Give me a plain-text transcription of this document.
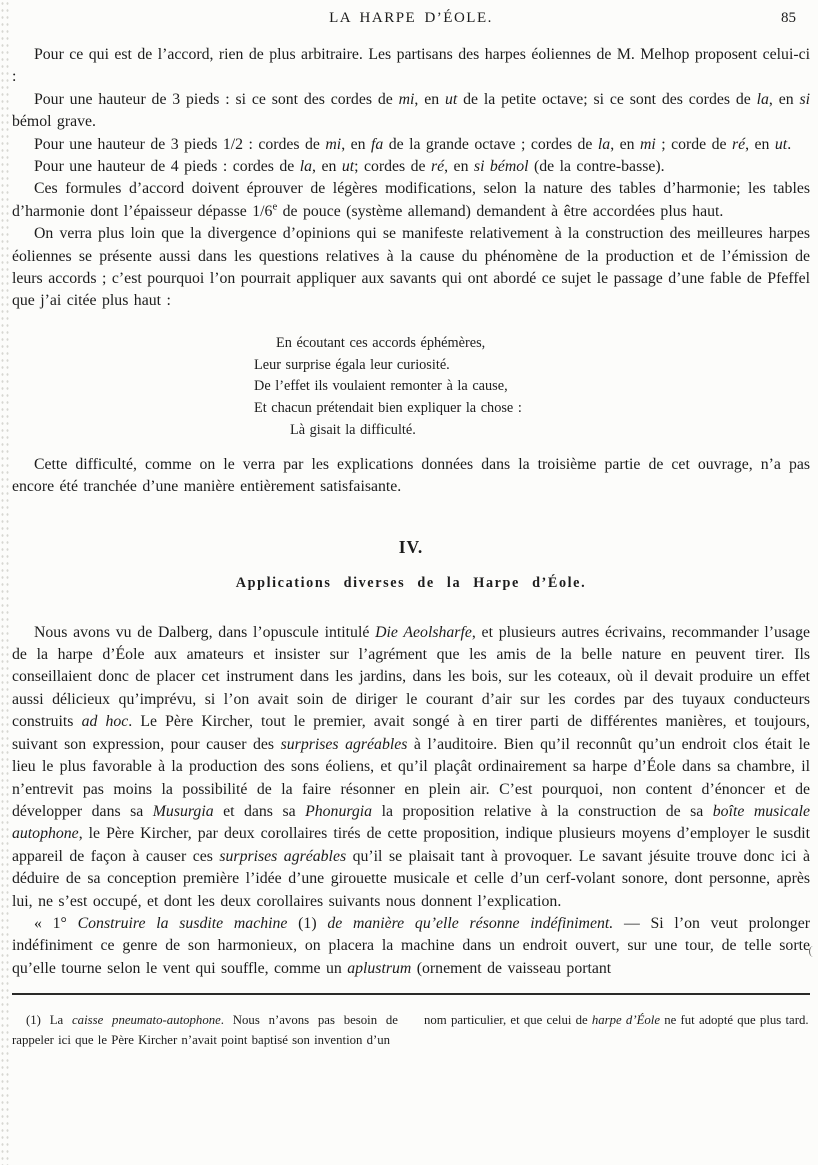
LA HARPE D’ÉOLE.	85

Pour ce qui est de l’accord, rien de plus arbitraire. Les partisans des harpes éoliennes de M. Melhop proposent celui-ci :

Pour une hauteur de 3 pieds : si ce sont des cordes de mi, en ut de la petite octave; si ce sont des cordes de la, en si bémol grave.

Pour une hauteur de 3 pieds 1/2 : cordes de mi, en fa de la grande octave ; cordes de la, en mi ; corde de ré, en ut.

Pour une hauteur de 4 pieds : cordes de la, en ut; cordes de ré, en si bémol (de la contre-basse).

Ces formules d’accord doivent éprouver de légères modifications, selon la nature des tables d’harmonie; les tables d’harmonie dont l’épaisseur dépasse 1/6e de pouce (système allemand) demandent à être accordées plus haut.

On verra plus loin que la divergence d’opinions qui se manifeste relativement à la construction des meilleures harpes éoliennes se présente aussi dans les questions relatives à la cause du phénomène de la production et de l’émission de leurs accords ; c’est pourquoi l’on pourrait appliquer aux savants qui ont abordé ce sujet le passage d’une fable de Pfeffel que j’ai citée plus haut :

En écoutant ces accords éphémères,
Leur surprise égala leur curiosité.
De l’effet ils voulaient remonter à la cause,
Et chacun prétendait bien expliquer la chose :
Là gisait la difficulté.

Cette difficulté, comme on le verra par les explications données dans la troisième partie de cet ouvrage, n’a pas encore été tranchée d’une manière entièrement satisfaisante.

IV.
Applications diverses de la Harpe d’Éole.

Nous avons vu de Dalberg, dans l’opuscule intitulé Die Aeolsharfe, et plusieurs autres écrivains, recommander l’usage de la harpe d’Éole aux amateurs et insister sur l’agrément que les amis de la belle nature en peuvent tirer. Ils conseillaient donc de placer cet instrument dans les jardins, dans les bois, sur les coteaux, où il devait produire un effet aussi délicieux qu’imprévu, si l’on avait soin de diriger le courant d’air sur les cordes par des tuyaux conducteurs construits ad hoc. Le Père Kircher, tout le premier, avait songé à en tirer parti de différentes manières, et toujours, suivant son expression, pour causer des surprises agréables à l’auditoire. Bien qu’il reconnût qu’un endroit clos était le lieu le plus favorable à la production des sons éoliens, et qu’il plaçât ordinairement sa harpe d’Éole dans sa chambre, il n’entrevit pas moins la possibilité de la faire résonner en plein air. C’est pourquoi, non content d’énoncer et de développer dans sa Musurgia et dans sa Phonurgia la proposition relative à la construction de sa boîte musicale autophone, le Père Kircher, par deux corollaires tirés de cette proposition, indique plusieurs moyens d’employer le susdit appareil de façon à causer ces surprises agréables qu’il se plaisait tant à provoquer. Le savant jésuite trouve donc ici à déduire de sa conception première l’idée d’une girouette musicale et celle d’un cerf-volant sonore, dont personne, après lui, ne s’est occupé, et dont les deux corollaires suivants nous donnent l’explication.

« 1° Construire la susdite machine (1) de manière qu’elle résonne indéfiniment. — Si l’on veut prolonger indéfiniment ce genre de son harmonieux, on placera la machine dans un endroit ouvert, sur une tour, de telle sorte qu’elle tourne selon le vent qui souffle, comme un aplustrum (ornement de vaisseau portant

(1) La caisse pneumato-autophone. Nous n’avons pas besoin de rappeler ici que le Père Kircher n’avait point baptisé son invention d’un
nom particulier, et que celui de harpe d’Éole ne fut adopté que plus tard.
